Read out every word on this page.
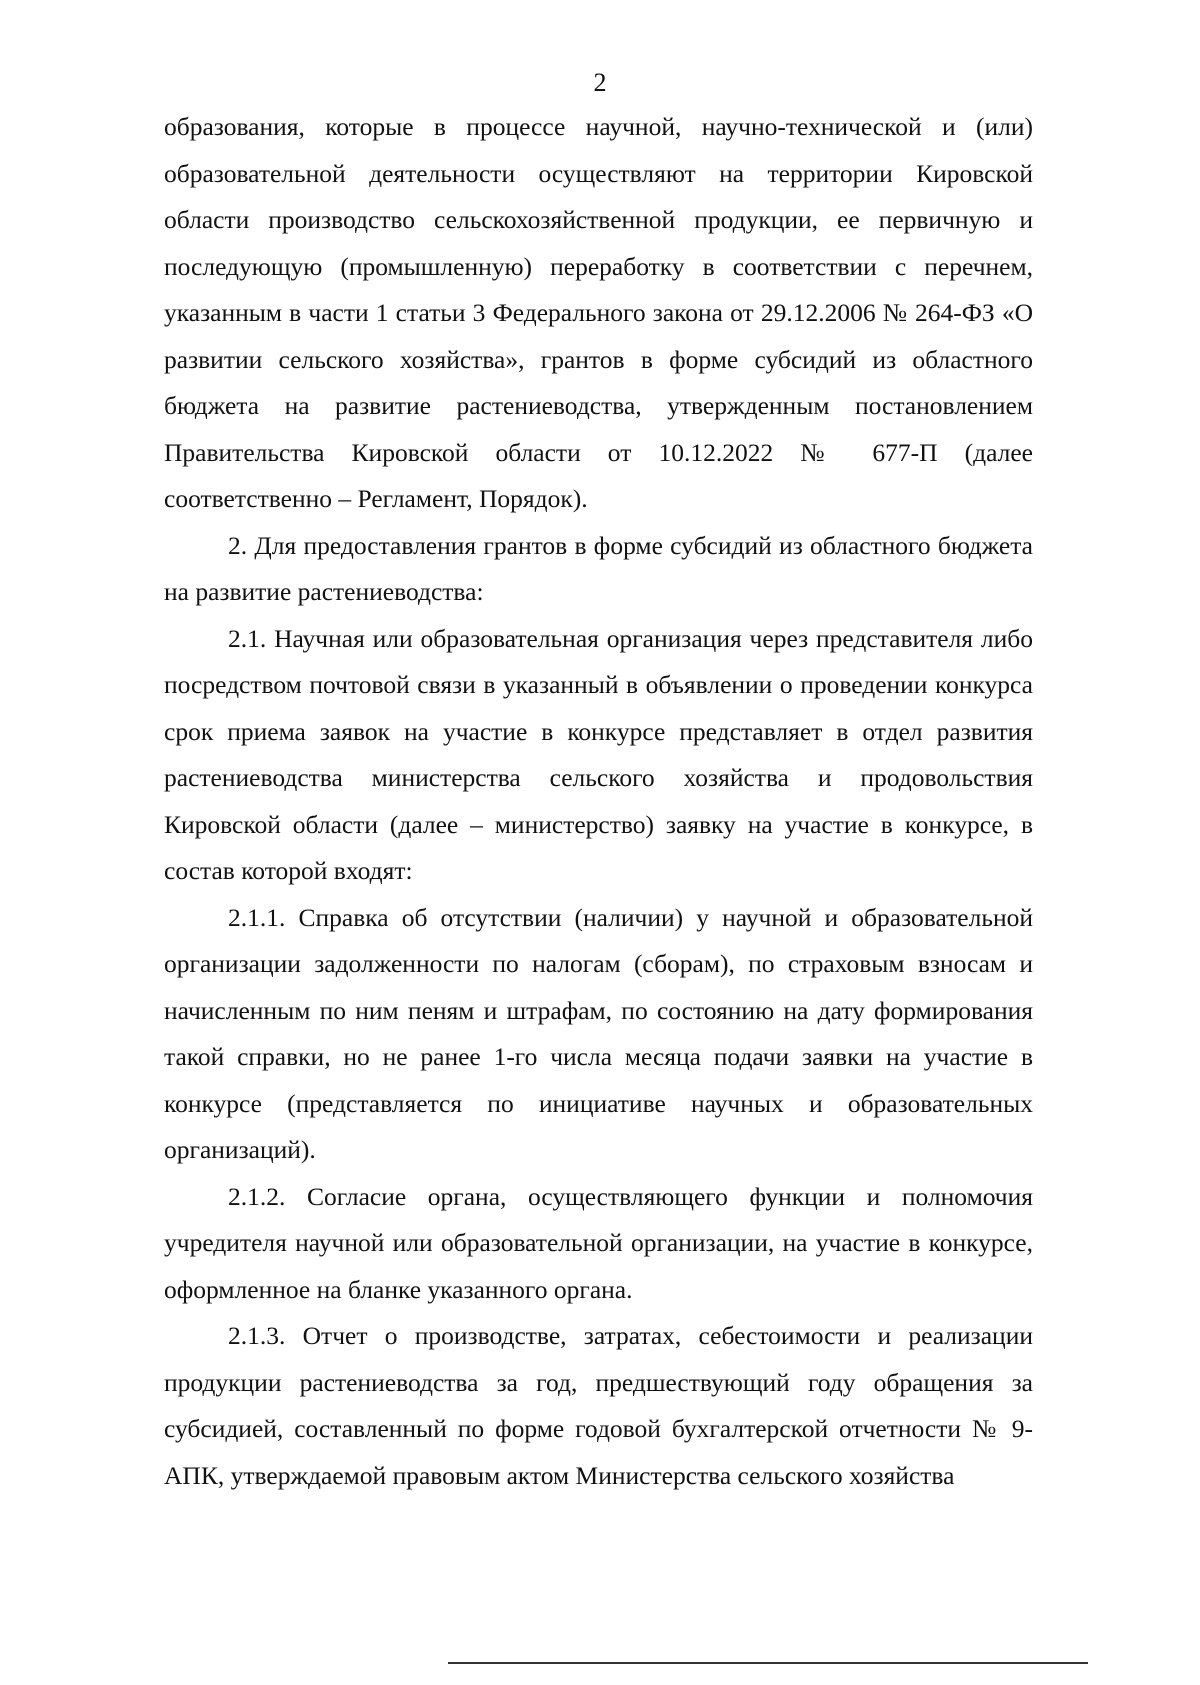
2

образования, которые в процессе научной, научно-технической и (или) образовательной деятельности осуществляют на территории Кировской области производство сельскохозяйственной продукции, ее первичную и последующую (промышленную) переработку в соответствии с перечнем, указанным в части 1 статьи 3 Федерального закона от 29.12.2006 № 264-ФЗ «О развитии сельского хозяйства», грантов в форме субсидий из областного бюджета на развитие растениеводства, утвержденным постановлением Правительства Кировской области от 10.12.2022 № 677-П (далее соответственно – Регламент, Порядок).

2. Для предоставления грантов в форме субсидий из областного бюджета на развитие растениеводства:

2.1. Научная или образовательная организация через представителя либо посредством почтовой связи в указанный в объявлении о проведении конкурса срок приема заявок на участие в конкурсе представляет в отдел развития растениеводства министерства сельского хозяйства и продовольствия Кировской области (далее – министерство) заявку на участие в конкурсе, в состав которой входят:

2.1.1. Справка об отсутствии (наличии) у научной и образовательной организации задолженности по налогам (сборам), по страховым взносам и начисленным по ним пеням и штрафам, по состоянию на дату формирования такой справки, но не ранее 1-го числа месяца подачи заявки на участие в конкурсе (представляется по инициативе научных и образовательных организаций).

2.1.2. Согласие органа, осуществляющего функции и полномочия учредителя научной или образовательной организации, на участие в конкурсе, оформленное на бланке указанного органа.

2.1.3. Отчет о производстве, затратах, себестоимости и реализации продукции растениеводства за год, предшествующий году обращения за субсидией, составленный по форме годовой бухгалтерской отчетности № 9-АПК, утверждаемой правовым актом Министерства сельского хозяйства
